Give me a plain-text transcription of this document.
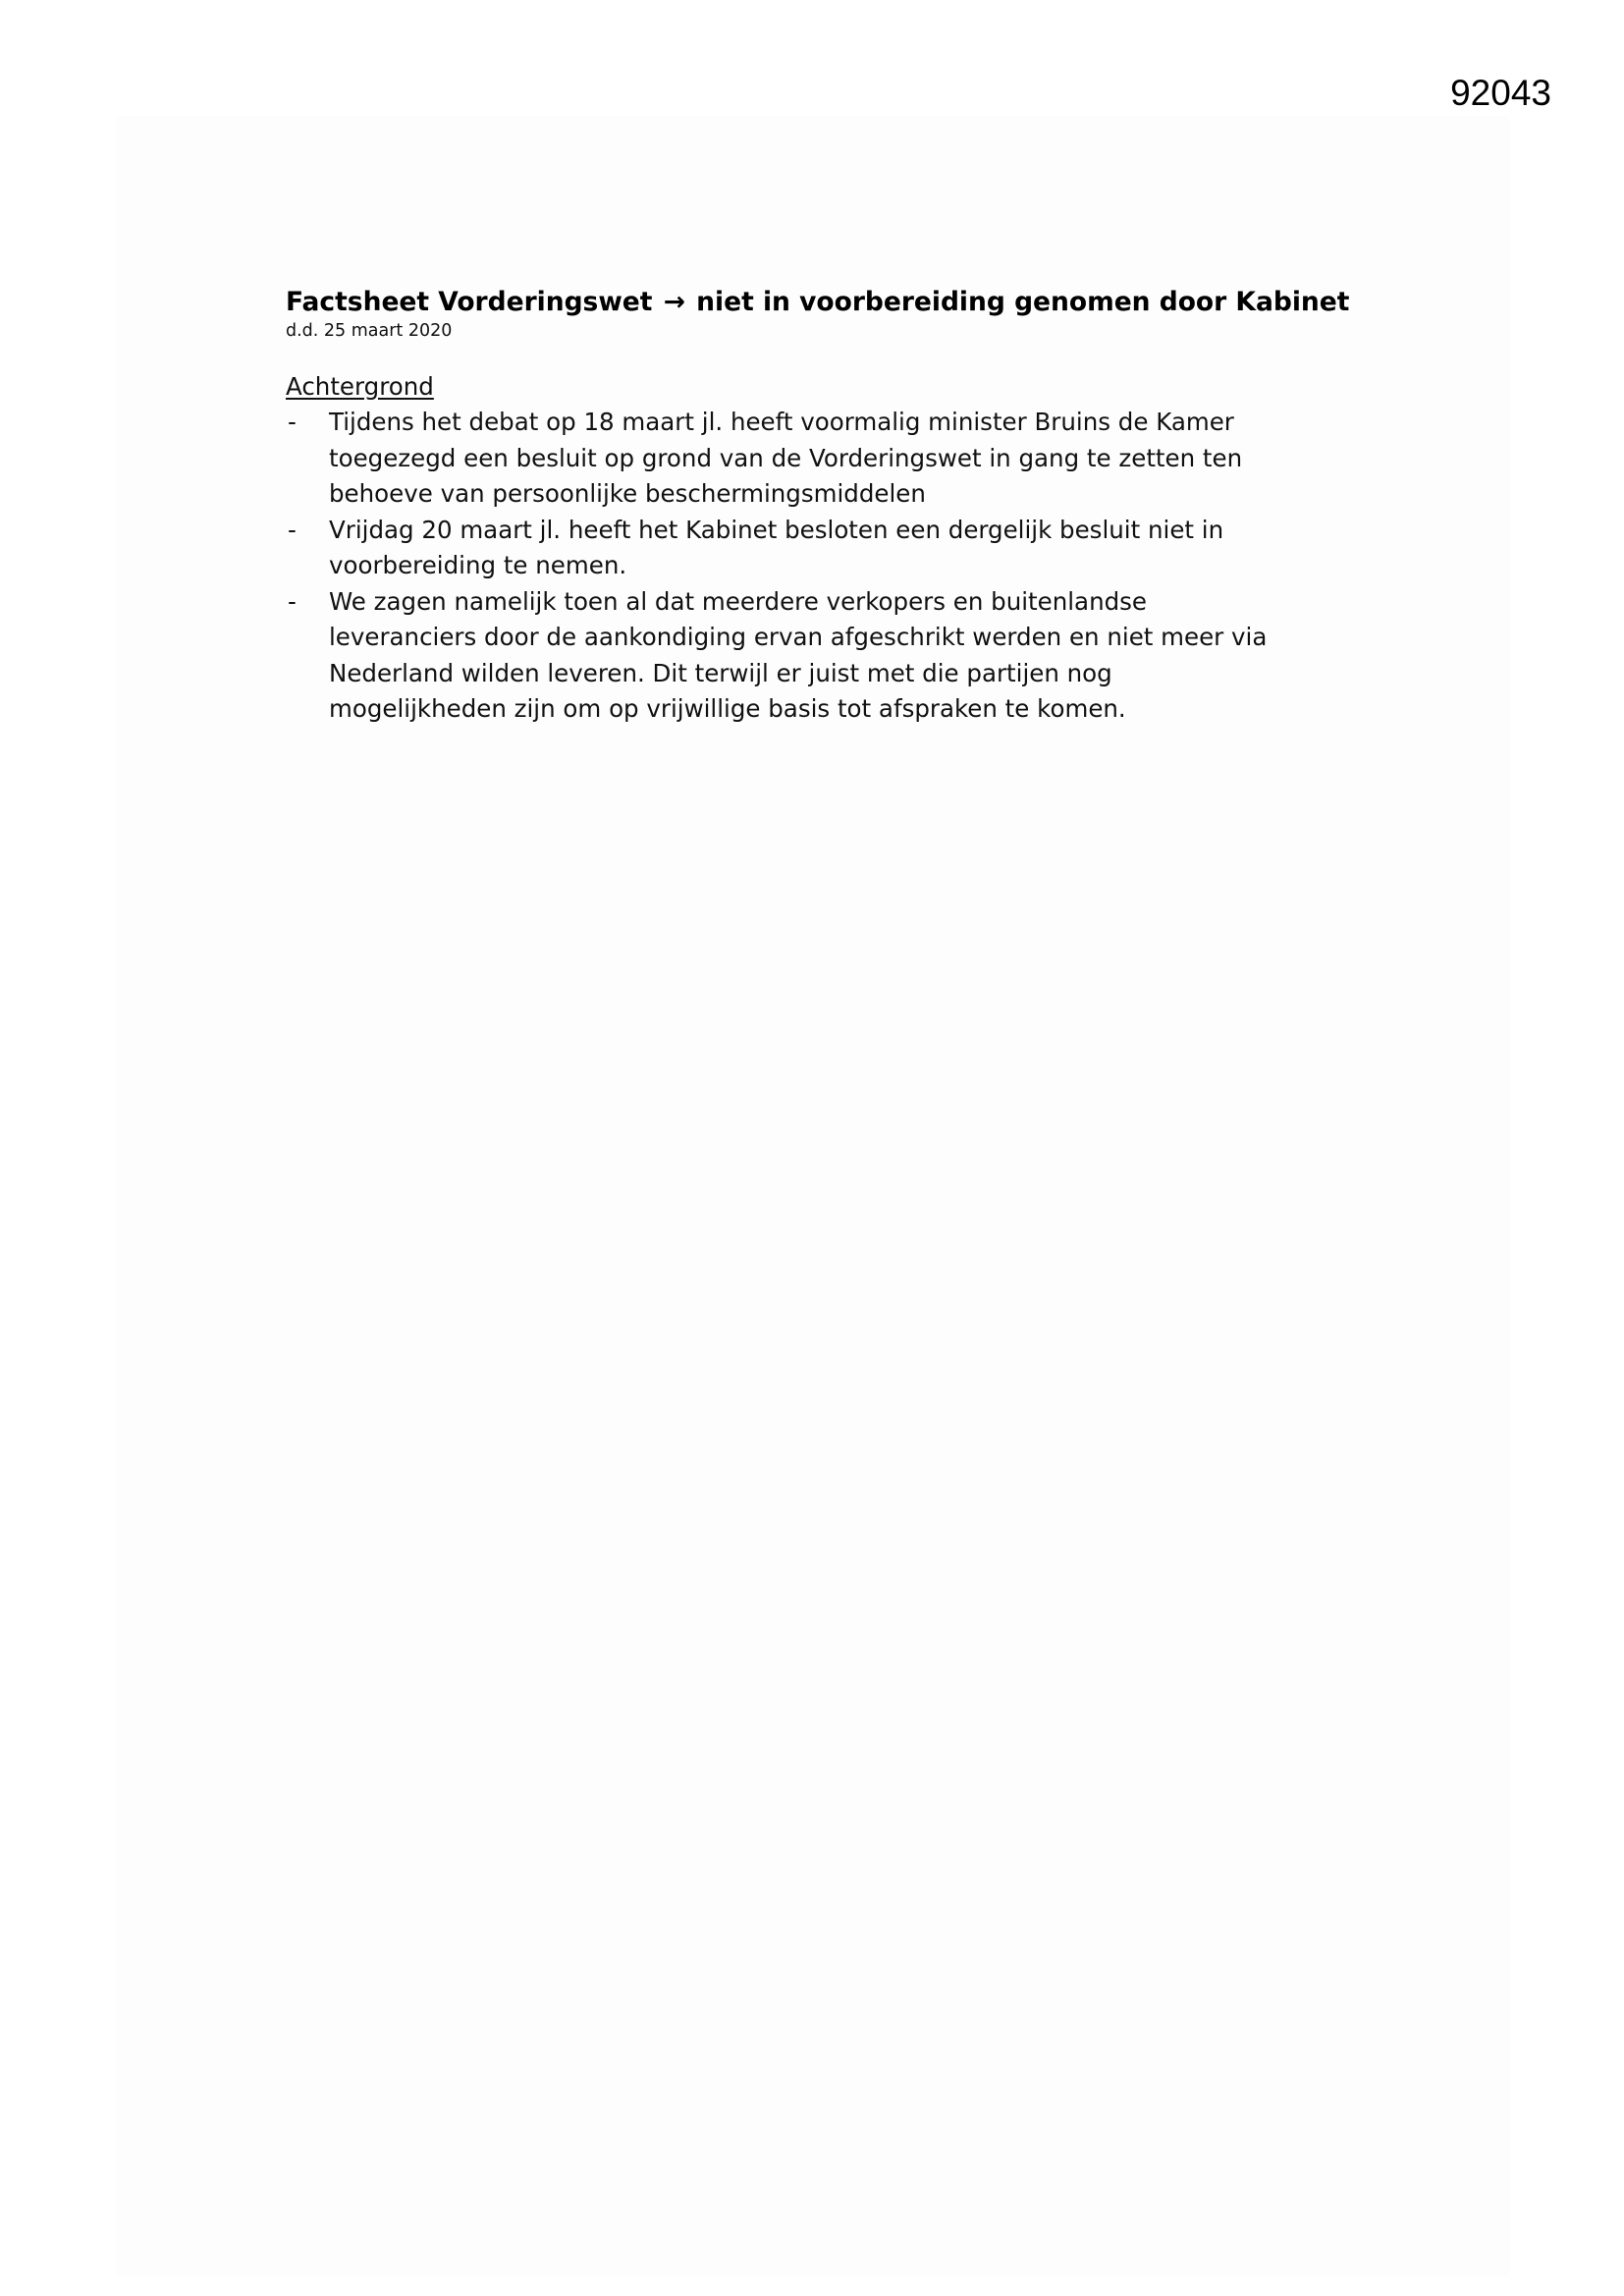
92043
Factsheet Vorderingswet → niet in voorbereiding genomen door Kabinet
d.d. 25 maart 2020
Achtergrond
- Tijdens het debat op 18 maart jl. heeft voormalig minister Bruins de Kamer
toegezegd een besluit op grond van de Vorderingswet in gang te zetten ten
behoeve van persoonlijke beschermingsmiddelen
- Vrijdag 20 maart jl. heeft het Kabinet besloten een dergelijk besluit niet in
voorbereiding te nemen.
- We zagen namelijk toen al dat meerdere verkopers en buitenlandse
leveranciers door de aankondiging ervan afgeschrikt werden en niet meer via
Nederland wilden leveren. Dit terwijl er juist met die partijen nog
mogelijkheden zijn om op vrijwillige basis tot afspraken te komen.
